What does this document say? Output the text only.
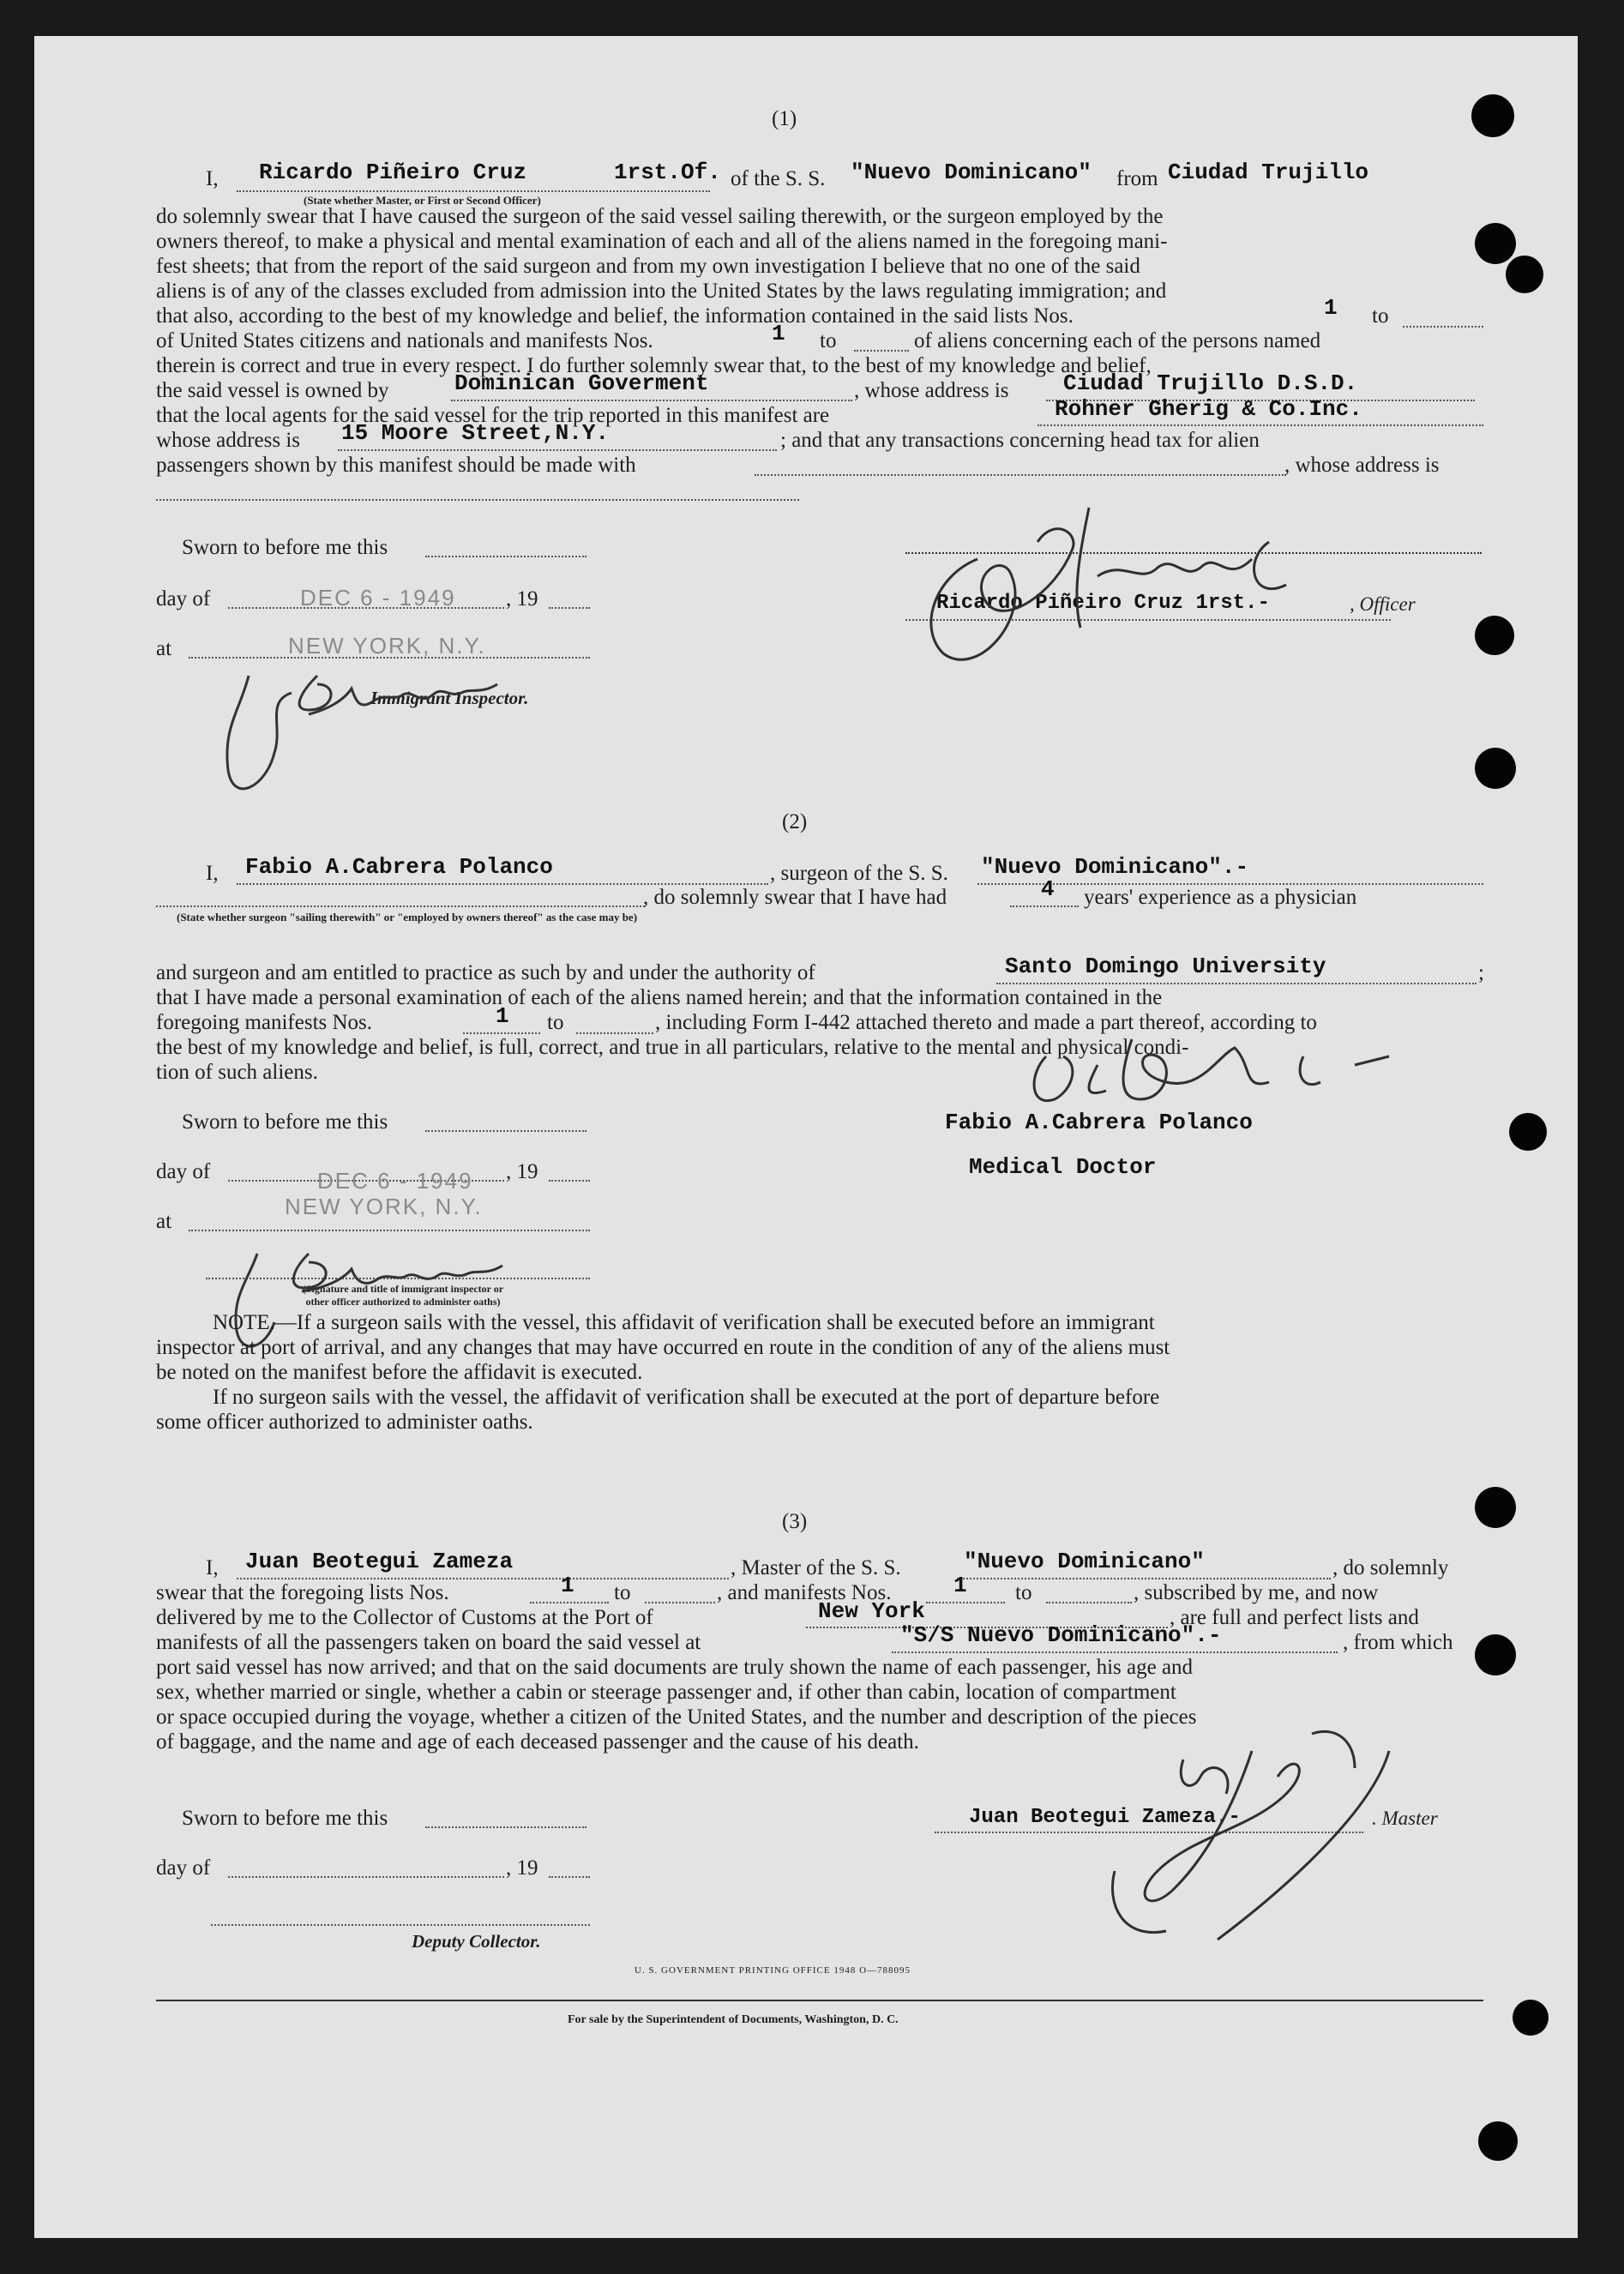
(1)
I, Ricardo Piñeiro Cruz	1rst.Of. of the S. S. "Nuevo Dominicano" from Ciudad Trujillo
(State whether Master, or First or Second Officer)
do solemnly swear that I have caused the surgeon of the said vessel sailing therewith, or the surgeon employed by the
owners thereof, to make a physical and mental examination of each and all of the aliens named in the foregoing mani-
fest sheets; that from the report of the said surgeon and from my own investigation I believe that no one of the said
aliens is of any of the classes excluded from admission into the United States by the laws regulating immigration; and
that also, according to the best of my knowledge and belief, the information contained in the said lists Nos.	1 to
of United States citizens and nationals and manifests Nos.	1 to	of aliens concerning each of the persons named
therein is correct and true in every respect. I do further solemnly swear that, to the best of my knowledge and belief,
the said vessel is owned by	Dominican Goverment	, whose address is Ciudad Trujillo D.S.D.
that the local agents for the said vessel for the trip reported in this manifest are	Rohner Gherig & Co.Inc.
whose address is 15 Moore Street,N.Y.	; and that any transactions concerning head tax for alien
passengers shown by this manifest should be made with	, whose address is
Sworn to before me this
day of	DEC 6 - 1949 , 19
at	NEW YORK, N.Y.
Immigrant Inspector.
Ricardo Piñeiro Cruz 1rst.-	, Officer
(2)
I, Fabio A.Cabrera Polanco	, surgeon of the S. S. "Nuevo Dominicano".-
, do solemnly swear that I have had	4 years' experience as a physician
(State whether surgeon "sailing therewith" or "employed by owners thereof" as the case may be)
and surgeon and am entitled to practice as such by and under the authority of	Santo Domingo University	;
that I have made a personal examination of each of the aliens named herein; and that the information contained in the
foregoing manifests Nos.	1 to	, including Form I-442 attached thereto and made a part thereof, according to
the best of my knowledge and belief, is full, correct, and true in all particulars, relative to the mental and physical condi-
tion of such aliens.
Sworn to before me this
day of	DEC 6 - 1949 , 19
at
NEW YORK, N.Y.
(Signature and title of immigrant inspector or
other officer authorized to administer oaths)
Fabio A.Cabrera Polanco
Medical Doctor
NOTE.—If a surgeon sails with the vessel, this affidavit of verification shall be executed before an immigrant
inspector at port of arrival, and any changes that may have occurred en route in the condition of any of the aliens must
be noted on the manifest before the affidavit is executed.
If no surgeon sails with the vessel, the affidavit of verification shall be executed at the port of departure before
some officer authorized to administer oaths.
(3)
I, Juan Beotegui Zameza	, Master of the S. S.	"Nuevo Dominicano"	, do solemnly
swear that the foregoing lists Nos.	1 to	, and manifests Nos.	1 to	, subscribed by me, and now
delivered by me to the Collector of Customs at the Port of	New York	, are full and perfect lists and
manifests of all the passengers taken on board the said vessel at	"S/S Nuevo Dominicano".-	, from which
port said vessel has now arrived; and that on the said documents are truly shown the name of each passenger, his age and
sex, whether married or single, whether a cabin or steerage passenger and, if other than cabin, location of compartment
or space occupied during the voyage, whether a citizen of the United States, and the number and description of the pieces
of baggage, and the name and age of each deceased passenger and the cause of his death.
Sworn to before me this
day of	, 19
Deputy Collector.
Juan Beotegui Zameza.-	. Master
U. S. GOVERNMENT PRINTING OFFICE 1948 O—788095
For sale by the Superintendent of Documents, Washington, D. C.
